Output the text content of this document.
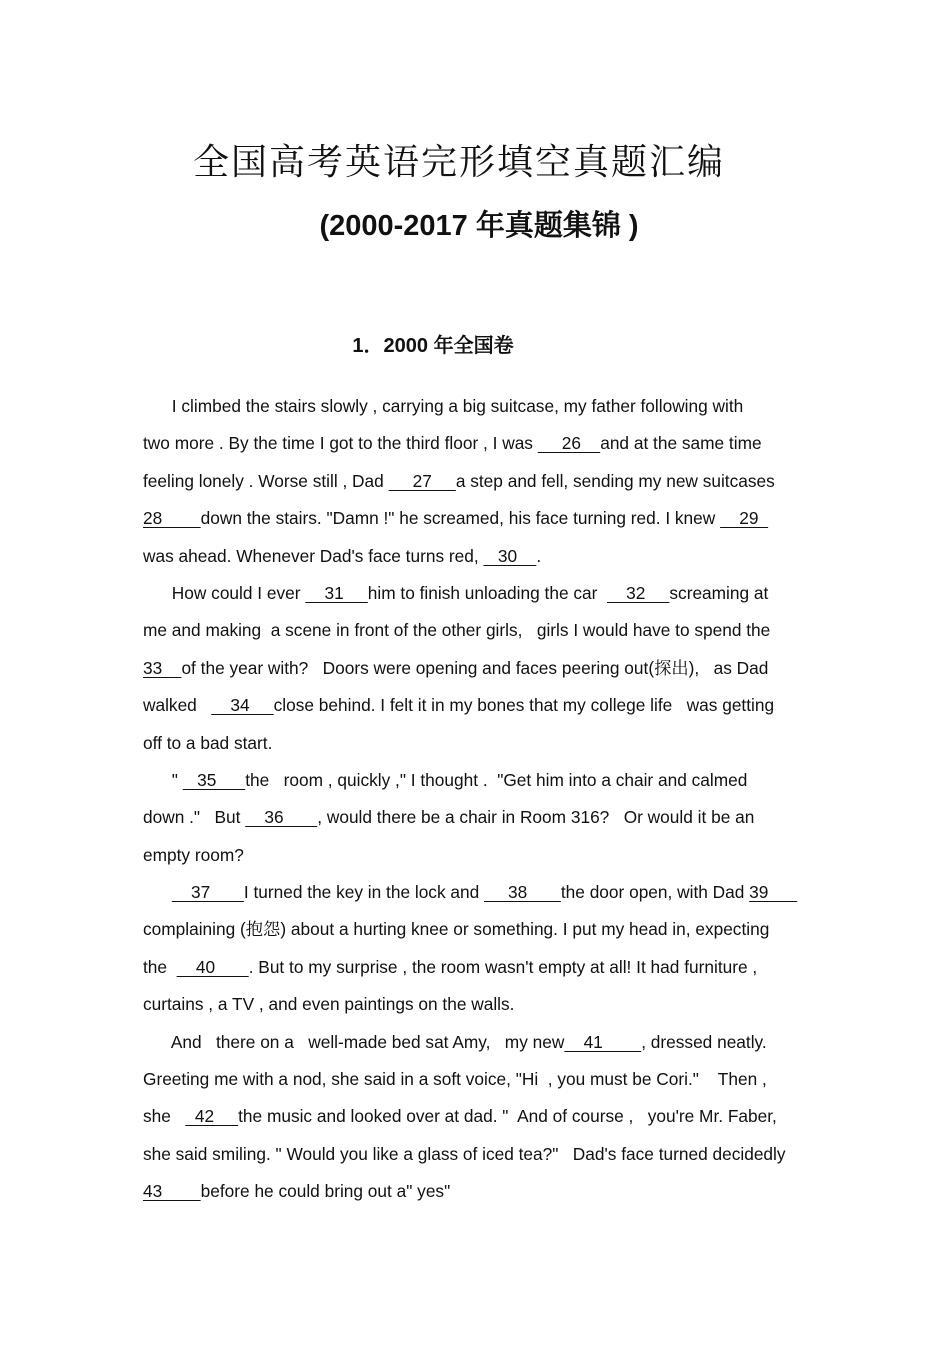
全国高考英语完形填空真题汇编
(2000-2017 年真题集锦 )
1．2000 年全国卷
I climbed the stairs slowly , carrying a big suitcase, my father following with
two more . By the time I got to the third floor , I was      26    and at the same time
feeling lonely . Worse still , Dad      27     a step and fell, sending my new suitcases
28        down the stairs. "Damn !" he screamed, his face turning red. I knew     29
was ahead. Whenever Dad's face turns red,    30    .
How could I ever     31     him to finish unloading the car      32     screaming at
me and making  a scene in front of the other girls,   girls I would have to spend the
33    of the year with?   Doors were opening and faces peering out(探出),   as Dad
walked       34     close behind. I felt it in my bones that my college life   was getting
off to a bad start.
"    35      the   room , quickly ," I thought .  "Get him into a chair and calmed
down ."   But     36       , would there be a chair in Room 316?   Or would it be an
empty room?
37       I turned the key in the lock and      38       the door open, with Dad 39
complaining (抱怨) about a hurting knee or something. I put my head in, expecting
the      40       . But to my surprise , the room wasn't empty at all! It had furniture ,
curtains , a TV , and even paintings on the walls.
And   there on a   well-made bed sat Amy,   my new    41        , dressed neatly.
Greeting me with a nod, she said in a soft voice, "Hi  , you must be Cori."    Then ,
she     42     the music and looked over at dad. "  And of course ,   you're Mr. Faber,
she said smiling. " Would you like a glass of iced tea?"   Dad's face turned decidedly
43        before he could bring out a" yes"
